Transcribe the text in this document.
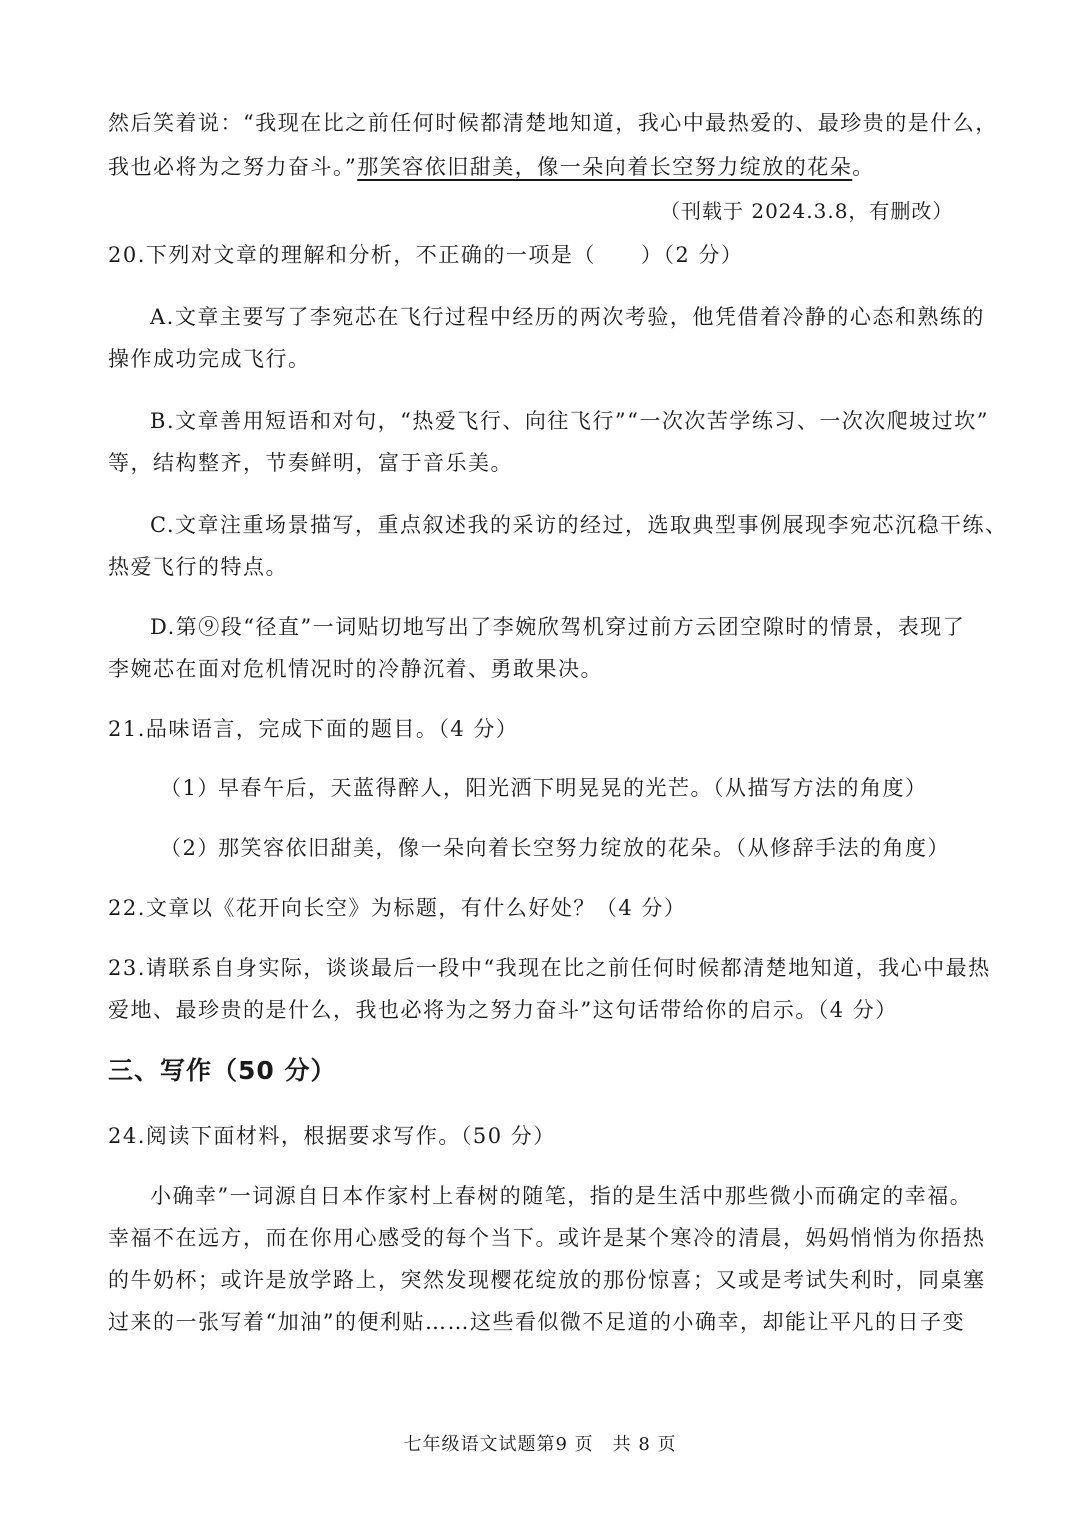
然后笑着说：“我现在比之前任何时候都清楚地知道，我心中最热爱的、最珍贵的是什么，
我也必将为之努力奋斗。”那笑容依旧甜美，像一朵向着长空努力绽放的花朵。
（刊载于 2024.3.8，有删改）
20.下列对文章的理解和分析，不正确的一项是（　　）（2 分）
A.文章主要写了李宛芯在飞行过程中经历的两次考验，他凭借着冷静的心态和熟练的
操作成功完成飞行。
B.文章善用短语和对句，“热爱飞行、向往飞行”“一次次苦学练习、一次次爬坡过坎”
等，结构整齐，节奏鲜明，富于音乐美。
C.文章注重场景描写，重点叙述我的采访的经过，选取典型事例展现李宛芯沉稳干练、
热爱飞行的特点。
D.第⑨段“径直”一词贴切地写出了李婉欣驾机穿过前方云团空隙时的情景，表现了
李婉芯在面对危机情况时的冷静沉着、勇敢果决。
21.品味语言，完成下面的题目。（4 分）
（1）早春午后，天蓝得醉人，阳光洒下明晃晃的光芒。（从描写方法的角度）
（2）那笑容依旧甜美，像一朵向着长空努力绽放的花朵。（从修辞手法的角度）
22.文章以《花开向长空》为标题，有什么好处？（4 分）
23.请联系自身实际，谈谈最后一段中“我现在比之前任何时候都清楚地知道，我心中最热
爱地、最珍贵的是什么，我也必将为之努力奋斗”这句话带给你的启示。（4 分）
三、写作（50 分）
24.阅读下面材料，根据要求写作。（50 分）
小确幸”一词源自日本作家村上春树的随笔，指的是生活中那些微小而确定的幸福。
幸福不在远方，而在你用心感受的每个当下。或许是某个寒冷的清晨，妈妈悄悄为你捂热
的牛奶杯；或许是放学路上，突然发现樱花绽放的那份惊喜；又或是考试失利时，同桌塞
过来的一张写着“加油”的便利贴……这些看似微不足道的小确幸，却能让平凡的日子变
七年级语文试题第9 页　共 8 页
